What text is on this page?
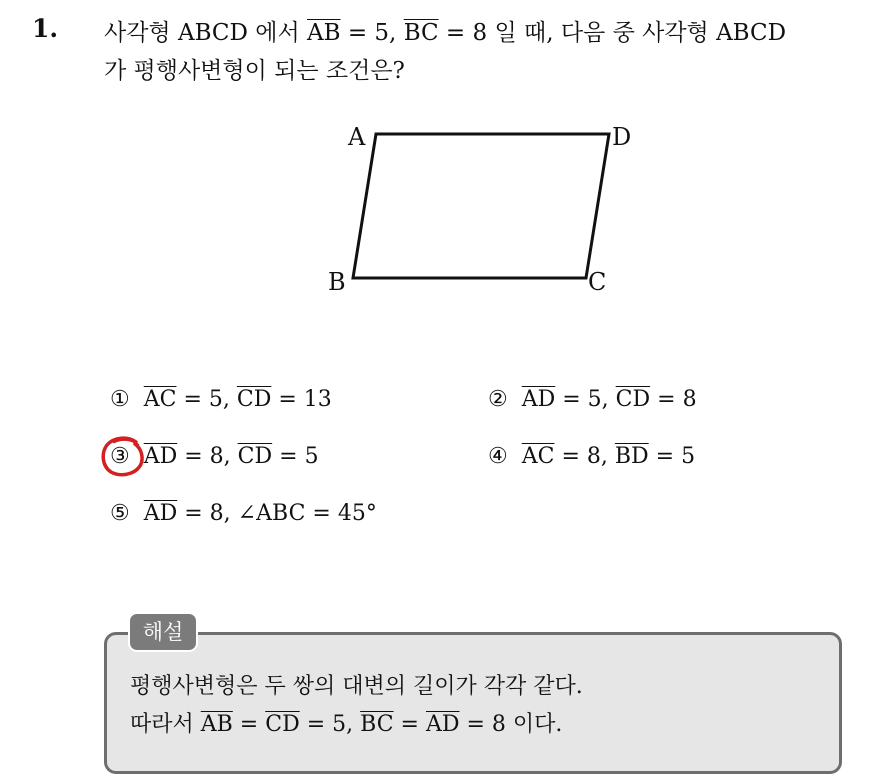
1. 사각형 ABCD 에서 $\overline{AB} = 5$, $\overline{BC} = 8$ 일 때, 다음 중 사각형 ABCD
가 평행사변형이 되는 조건은?
A	D
B	C
① $\overline{AC} = 5$, $\overline{CD} = 13$	② $\overline{AD} = 5$, $\overline{CD} = 8$
③ $\overline{AD} = 8$, $\overline{CD} = 5$	④ $\overline{AC} = 8$, $\overline{BD} = 5$
⑤ $\overline{AD} = 8$, ∠ABC = 45°
해설
평행사변형은 두 쌍의 대변의 길이가 각각 같다.
따라서 $\overline{AB} = \overline{CD} = 5$, $\overline{BC} = \overline{AD} = 8$ 이다.
